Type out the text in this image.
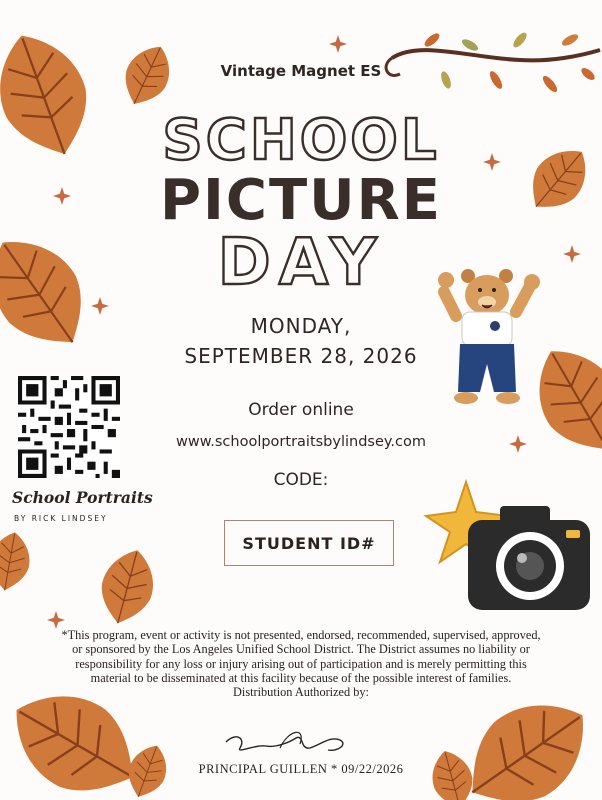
Vintage Magnet ES
SCHOOL
PICTURE
DAY
MONDAY,
SEPTEMBER 28, 2026
Order online
www.schoolportraitsbylindsey.com
CODE:
STUDENT ID#
School Portraits
BY RICK LINDSEY
*This program, event or activity is not presented, endorsed, recommended, supervised, approved, or sponsored by the Los Angeles Unified School District. The District assumes no liability or responsibility for any loss or injury arising out of participation and is merely permitting this material to be disseminated at this facility because of the possible interest of families.
Distribution Authorized by:
PRINCIPAL GUILLEN * 09/22/2026
